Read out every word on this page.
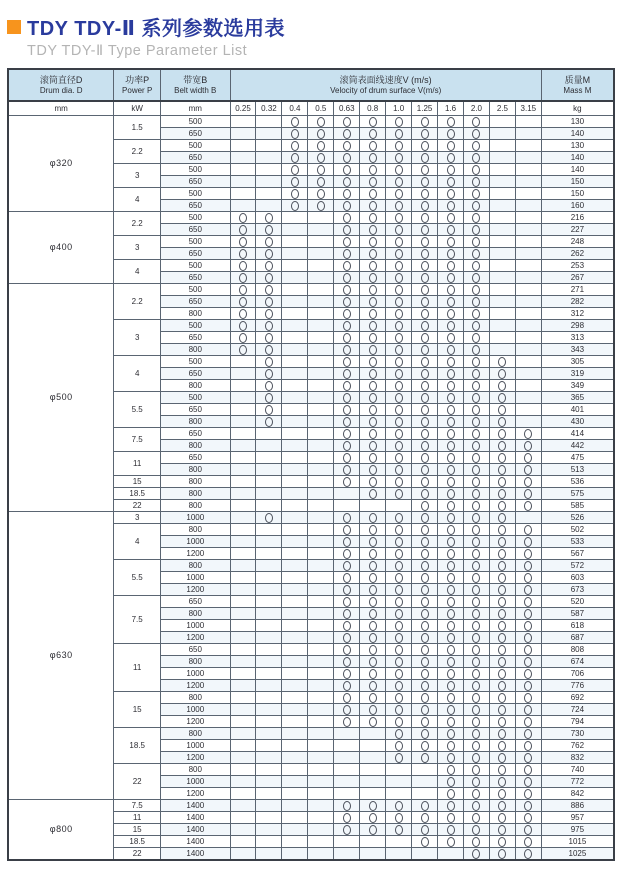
TDY TDY-Ⅱ 系列参数选用表
TDY TDY-Ⅱ Type Parameter List
滚筒直径D
Drum dia. D	功率P
Power P	带宽B
Belt width B	滚筒表面线速度V (m/s)
Velocity of drum surface V(m/s)												质量M
Mass M

mm	kW	mm	0.25	0.32	0.4	0.5	0.63	0.8	1.0	1.25	1.6	2.0	2.5	3.15	kg
φ320	1.5	500													130
		650													140
	2.2	500													130
		650													140
	3	500													140
		650													150
	4	500													150
		650													160
φ400	2.2	500													216
		650													227
	3	500													248
		650													262
	4	500													253
		650													267
φ500	2.2	500													271
		650													282
		800													312
	3	500													298
		650													313
		800													343
	4	500													305
		650													319
		800													349
	5.5	500													365
		650													401
		800													430
	7.5	650													414
		800													442
	11	650													475
		800													513
	15	800													536
	18.5	800													575
	22	800													585
φ630	3	1000													526
	4	800													502
		1000													533
		1200													567
	5.5	800													572
		1000													603
		1200													673
	7.5	650													520
		800													587
		1000													618
		1200													687
	11	650													808
		800													674
		1000													706
		1200													776
	15	800													692
		1000													724
		1200													794
	18.5	800													730
		1000													762
		1200													832
	22	800													740
		1000													772
		1200													842
φ800	7.5	1400													886
	11	1400													957
	15	1400													975
	18.5	1400													1015
	22	1400													1025
